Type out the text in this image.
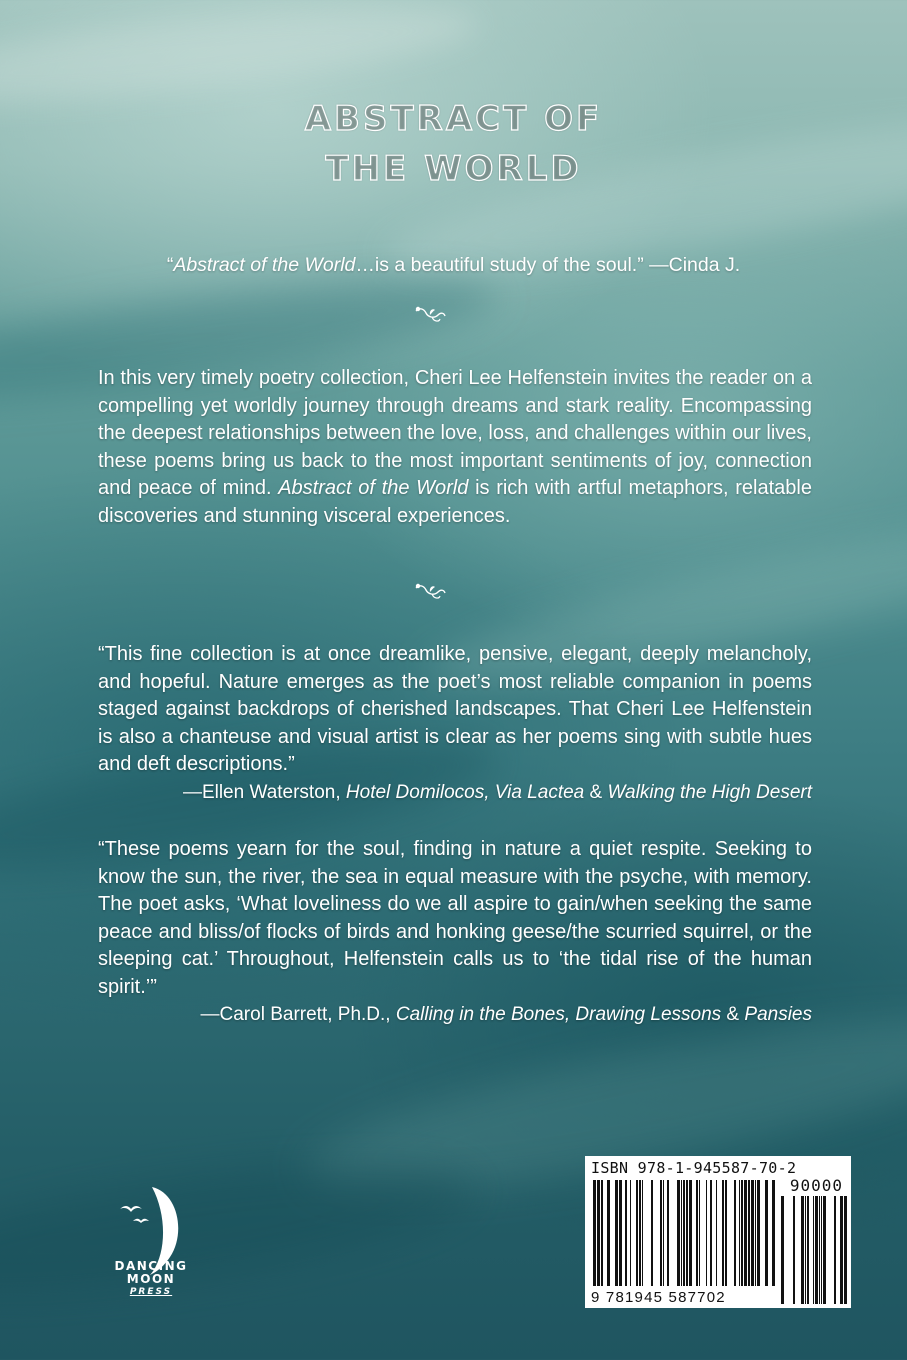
ABSTRACT OF
THE WORLD
“Abstract of the World…is a beautiful study of the soul.” —Cinda J.
In this very timely poetry collection, Cheri Lee Helfenstein invites the reader on a compelling yet worldly journey through dreams and stark reality. Encompassing the deepest relationships between the love, loss, and challenges within our lives, these poems bring us back to the most important sentiments of joy, connection and peace of mind. Abstract of the World is rich with artful metaphors, relatable discoveries and stunning visceral experiences.
“This fine collection is at once dreamlike, pensive, elegant, deeply melancholy, and hopeful. Nature emerges as the poet’s most reliable companion in poems staged against backdrops of cherished landscapes. That Cheri Lee Helfenstein is also a chanteuse and visual artist is clear as her poems sing with subtle hues and deft descriptions.”
—Ellen Waterston, Hotel Domilocos, Via Lactea & Walking the High Desert
“These poems yearn for the soul, finding in nature a quiet respite. Seeking to know the sun, the river, the sea in equal measure with the psyche, with memory. The poet asks, ‘What loveliness do we all aspire to gain/when seeking the same peace and bliss/of flocks of birds and honking geese/the scurried squirrel, or the sleeping cat.’ Throughout, Helfenstein calls us to ‘the tidal rise of the human spirit.’”
—Carol Barrett, Ph.D., Calling in the Bones, Drawing Lessons & Pansies
DANCING
MOON
PRESS
ISBN 978-1-945587-70-2
90000
9 781945 587702
